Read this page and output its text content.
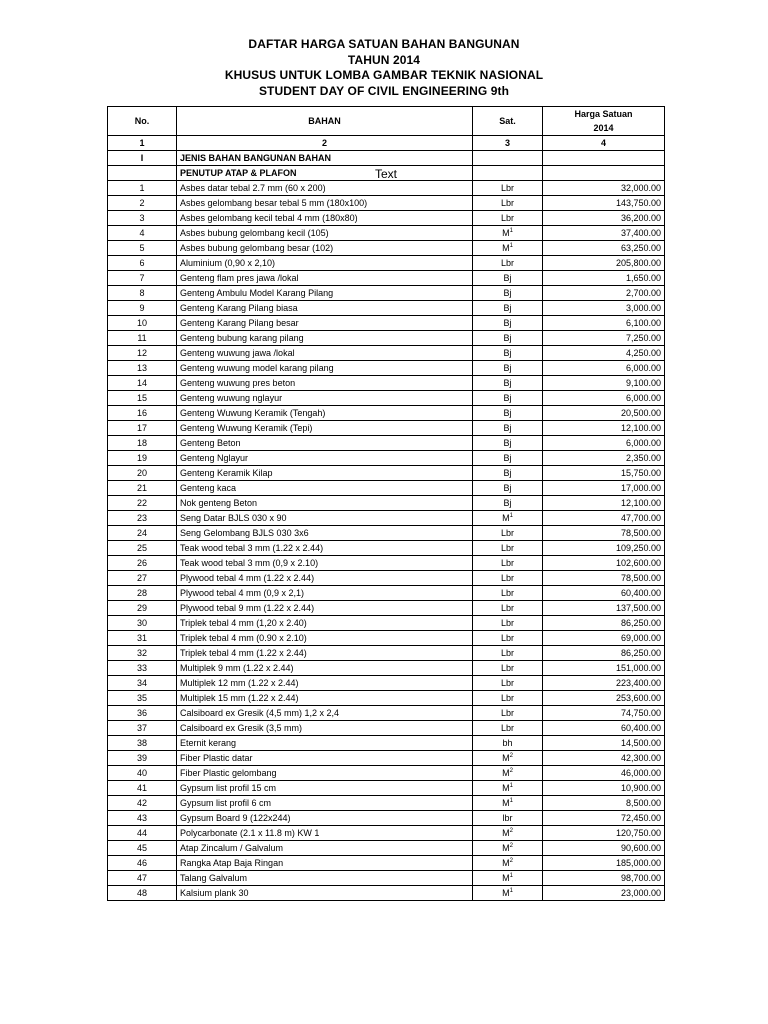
DAFTAR HARGA SATUAN BAHAN BANGUNAN
TAHUN 2014
KHUSUS UNTUK LOMBA GAMBAR TEKNIK NASIONAL
STUDENT DAY OF CIVIL ENGINEERING 9th
No.	BAHAN	Sat.	Harga Satuan
2014

1	2	3	4
I	JENIS BAHAN BANGUNAN BAHAN		
	PENUTUP ATAP & PLAFON		
1	Asbes datar tebal 2.7 mm (60 x 200)	Lbr	32,000.00
2	Asbes gelombang besar tebal 5 mm (180x100)	Lbr	143,750.00
3	Asbes gelombang kecil tebal 4 mm (180x80)	Lbr	36,200.00
4	Asbes bubung gelombang kecil (105)	$M^1$	37,400.00
5	Asbes bubung gelombang besar (102)	$M^1$	63,250.00
6	Aluminium (0,90 x 2,10)	Lbr	205,800.00
7	Genteng flam pres jawa /lokal	Bj	1,650.00
8	Genteng Ambulu Model Karang Pilang	Bj	2,700.00
9	Genteng Karang Pilang biasa	Bj	3,000.00
10	Genteng Karang Pilang besar	Bj	6,100.00
11	Genteng bubung karang pilang	Bj	7,250.00
12	Genteng wuwung jawa /lokal	Bj	4,250.00
13	Genteng wuwung model karang pilang	Bj	6,000.00
14	Genteng wuwung pres beton	Bj	9,100.00
15	Genteng wuwung nglayur	Bj	6,000.00
16	Genteng Wuwung Keramik (Tengah)	Bj	20,500.00
17	Genteng Wuwung Keramik (Tepi)	Bj	12,100.00
18	Genteng Beton	Bj	6,000.00
19	Genteng Nglayur	Bj	2,350.00
20	Genteng Keramik Kilap	Bj	15,750.00
21	Genteng kaca	Bj	17,000.00
22	Nok genteng Beton	Bj	12,100.00
23	Seng Datar BJLS 030 x 90	$M^1$	47,700.00
24	Seng Gelombang BJLS 030 3x6	Lbr	78,500.00
25	Teak wood tebal 3 mm (1.22 x 2.44)	Lbr	109,250.00
26	Teak wood tebal 3 mm (0,9 x 2.10)	Lbr	102,600.00
27	Plywood tebal 4 mm (1.22 x 2.44)	Lbr	78,500.00
28	Plywood tebal 4 mm (0,9 x 2,1)	Lbr	60,400.00
29	Plywood tebal 9 mm (1.22 x 2.44)	Lbr	137,500.00
30	Triplek tebal 4 mm (1,20 x 2.40)	Lbr	86,250.00
31	Triplek tebal 4 mm (0.90 x 2.10)	Lbr	69,000.00
32	Triplek tebal 4 mm (1.22 x 2.44)	Lbr	86,250.00
33	Multiplek 9 mm (1.22 x 2.44)	Lbr	151,000.00
34	Multiplek 12 mm (1.22 x 2.44)	Lbr	223,400.00
35	Multiplek 15 mm (1.22 x 2.44)	Lbr	253,600.00
36	Calsiboard ex Gresik (4,5 mm) 1,2 x 2,4	Lbr	74,750.00
37	Calsiboard ex Gresik (3,5 mm)	Lbr	60,400.00
38	Eternit kerang	bh	14,500.00
39	Fiber Plastic datar	$M^2$	42,300.00
40	Fiber Plastic gelombang	$M^2$	46,000.00
41	Gypsum list profil 15 cm	$M^1$	10,900.00
42	Gypsum list profil 6 cm	$M^1$	8,500.00
43	Gypsum Board 9 (122x244)	lbr	72,450.00
44	Polycarbonate (2.1 x 11.8 m) KW 1	$M^2$	120,750.00
45	Atap Zincalum / Galvalum	$M^2$	90,600.00
46	Rangka Atap Baja Ringan	$M^2$	185,000.00
47	Talang Galvalum	$M^1$	98,700.00
48	Kalsium plank 30	$M^1$	23,000.00
Text
